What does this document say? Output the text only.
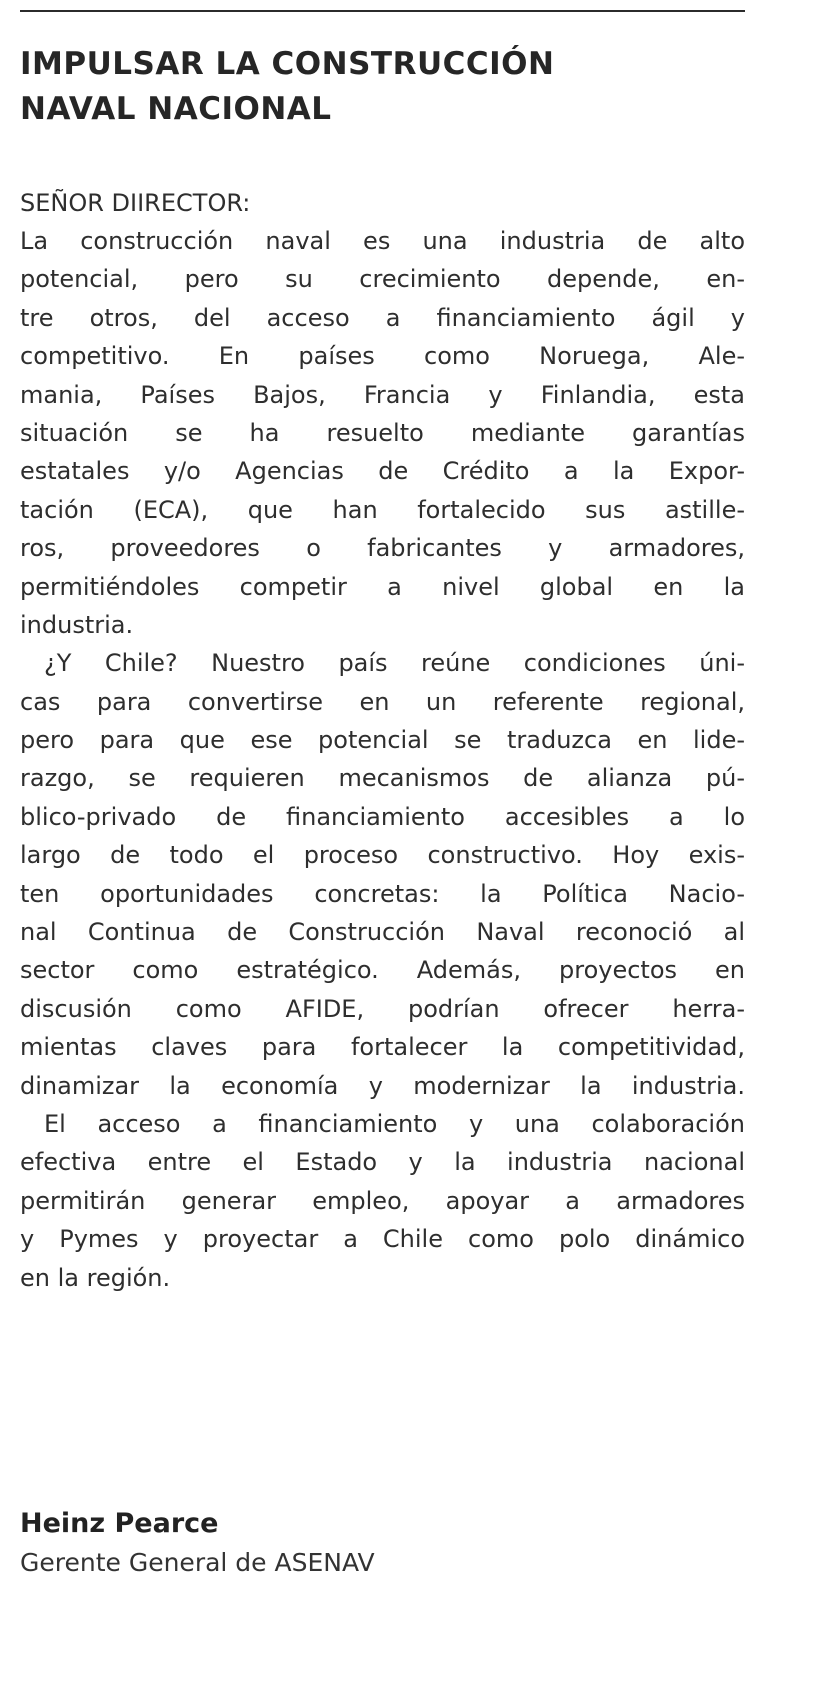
IMPULSAR LA CONSTRUCCIÓN
NAVAL NACIONAL
SEÑOR DIIRECTOR:
La construcción naval es una industria de alto
potencial, pero su crecimiento depende, en-
tre otros, del acceso a financiamiento ágil y
competitivo. En países como Noruega, Ale-
mania, Países Bajos, Francia y Finlandia, esta
situación se ha resuelto mediante garantías
estatales y/o Agencias de Crédito a la Expor-
tación (ECA), que han fortalecido sus astille-
ros, proveedores o fabricantes y armadores,
permitiéndoles competir a nivel global en la
industria.
¿Y Chile? Nuestro país reúne condiciones úni-
cas para convertirse en un referente regional,
pero para que ese potencial se traduzca en lide-
razgo, se requieren mecanismos de alianza pú-
blico-privado de financiamiento accesibles a lo
largo de todo el proceso constructivo. Hoy exis-
ten oportunidades concretas: la Política Nacio-
nal Continua de Construcción Naval reconoció al
sector como estratégico. Además, proyectos en
discusión como AFIDE, podrían ofrecer herra-
mientas claves para fortalecer la competitividad,
dinamizar la economía y modernizar la industria.
El acceso a financiamiento y una colaboración
efectiva entre el Estado y la industria nacional
permitirán generar empleo, apoyar a armadores
y Pymes y proyectar a Chile como polo dinámico
en la región.
Heinz Pearce
Gerente General de ASENAV
